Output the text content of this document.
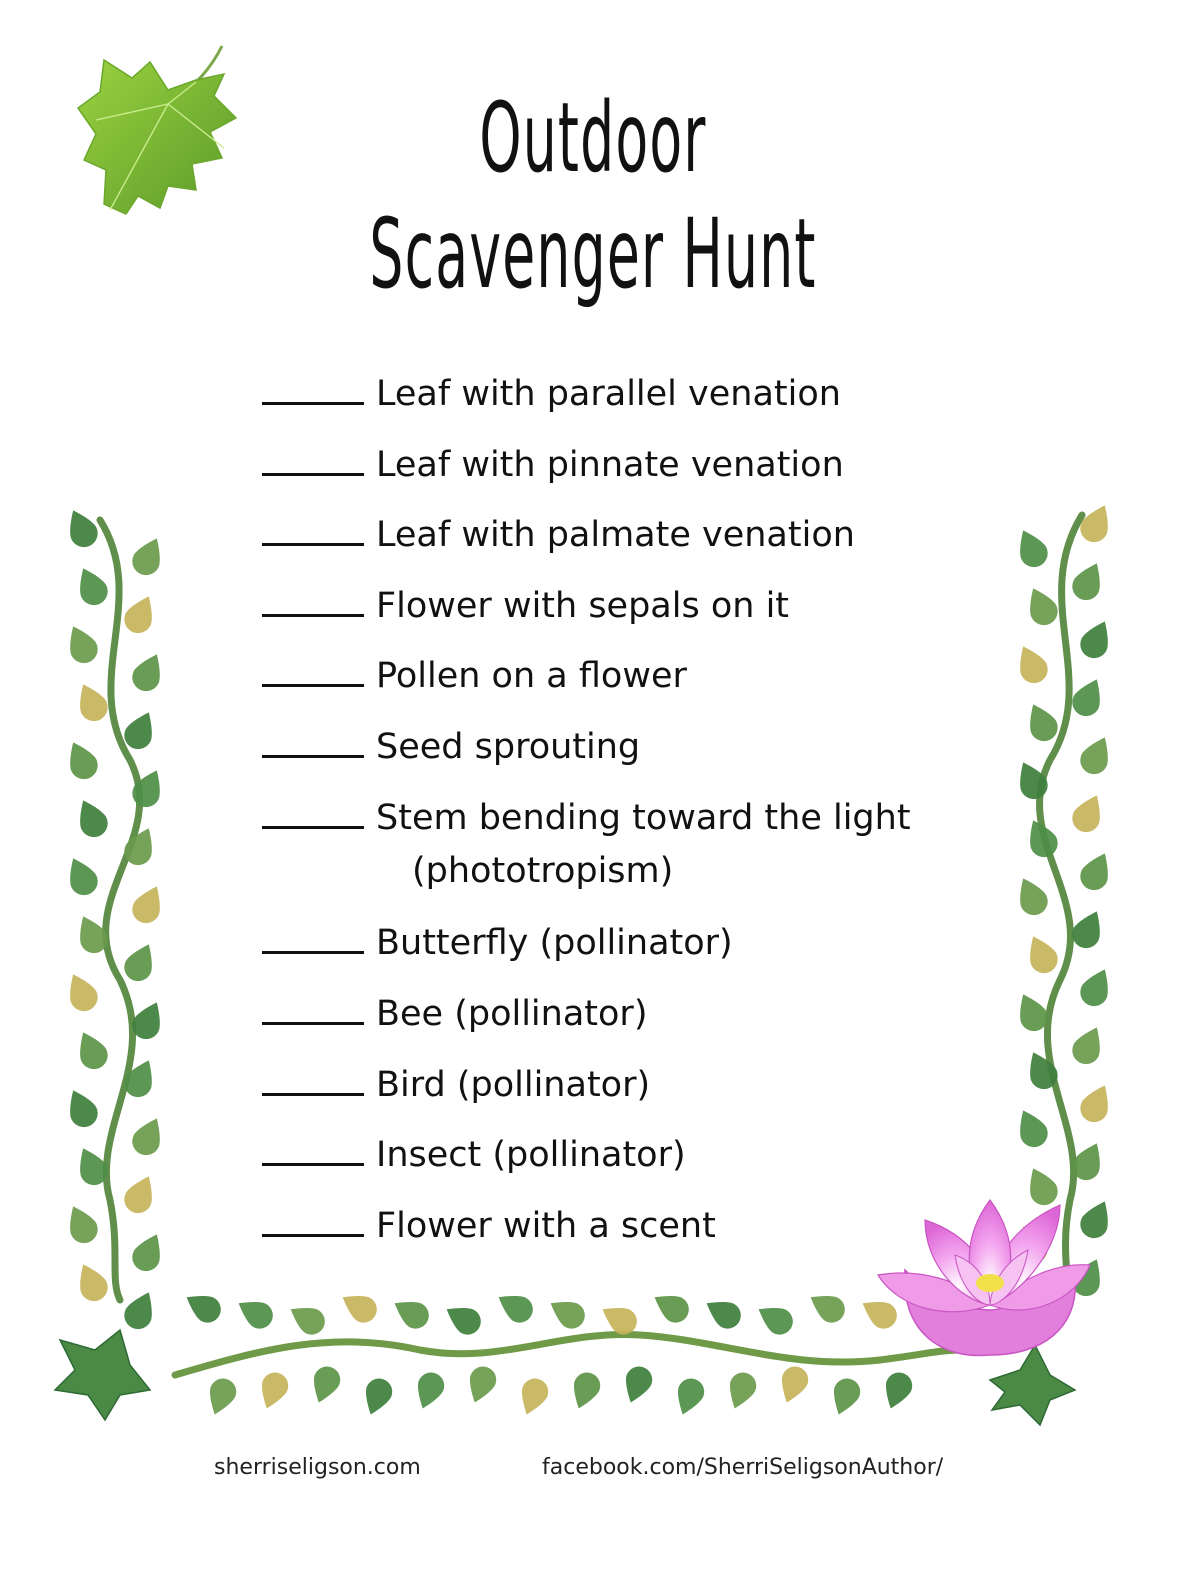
Outdoor
Scavenger Hunt
Leaf with parallel venation
Leaf with pinnate venation
Leaf with palmate venation
Flower with sepals on it
Pollen on a flower
Seed sprouting
Stem bending toward the light
(phototropism)
Butterfly (pollinator)
Bee (pollinator)
Bird (pollinator)
Insect (pollinator)
Flower with a scent
sherriseligson.com	facebook.com/SherriSeligsonAuthor/
